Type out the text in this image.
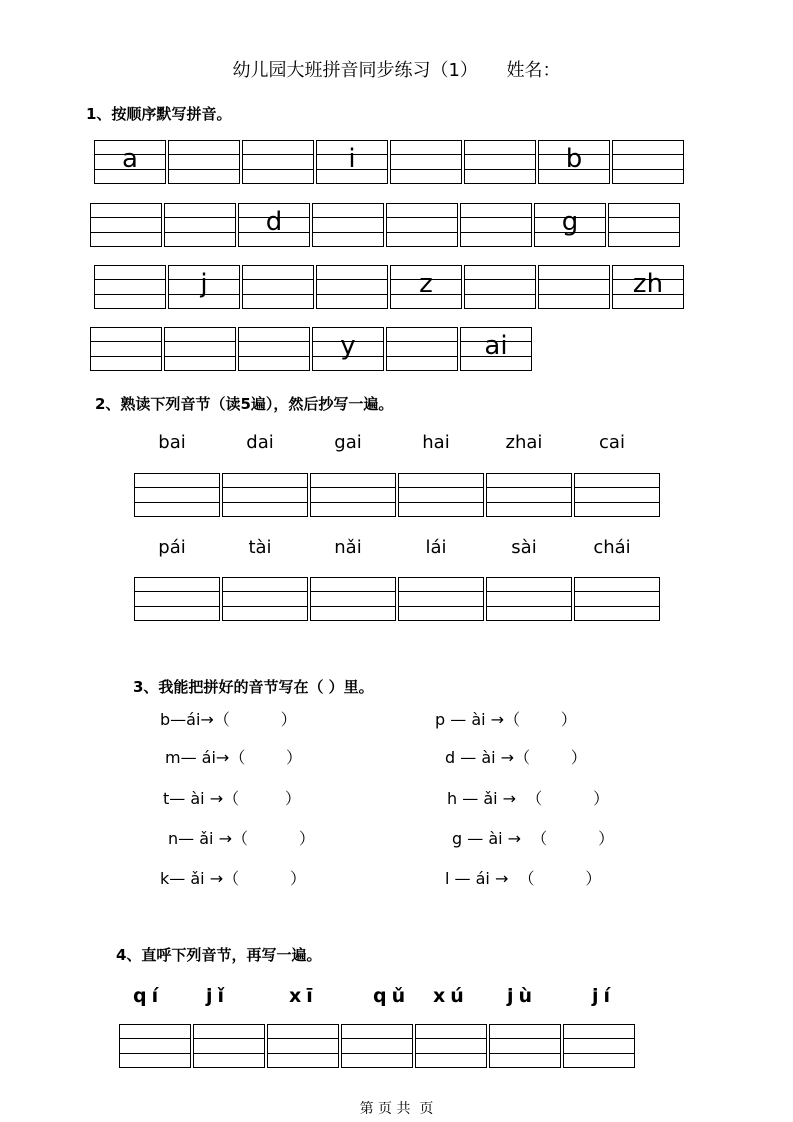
幼儿园大班拼音同步练习（1）     姓名：
1、按顺序默写拼音。
a	i	b
d	g
j	z	zh
y	ai
2、熟读下列音节（读5遍），然后抄写一遍。
bai	dai	gai	hai	zhai	cai
pái	tài	nǎi	lái	sài	chái
3、我能把拼好的音节写在（ ）里。
b—ái→（          ）	p — ài →（        ）
m— ái→（        ）	d — ài →（        ）
t— ài →（         ）	h — ǎi →  （          ）
n— ǎi →（          ）	g — ài →  （          ）
k— ǎi →（          ）	l — ái →  （          ）
4、直呼下列音节，再写一遍。
qí jǐ	xī	qǔ xú jù	jí
第 页 共  页
